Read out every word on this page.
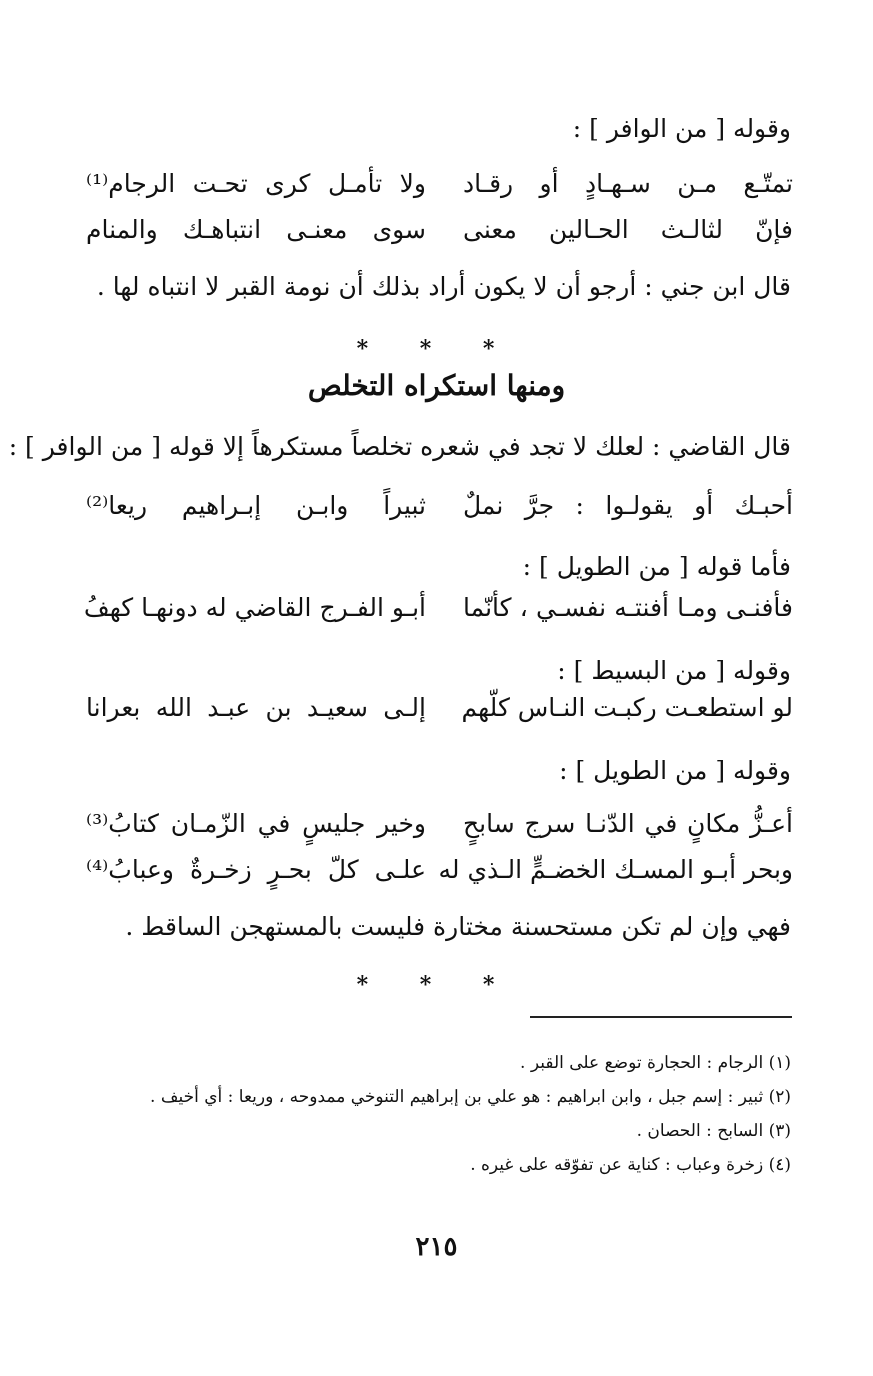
وقوله [ من الوافر ] :
تمتّـع مـن سـهـادٍ أو رقـاد
ولا تأمـل كرى تحـت الرجام⁽¹⁾
فإنّ لثالـث الحـالين معنى
سوى معنـى انتباهـك والمنام
قال ابن جني : أرجو أن لا يكون أراد بذلك أن نومة القبر لا انتباه لها .
* * *
ومنها استكراه التخلص
قال القاضي : لعلك لا تجد في شعره تخلصاً مستكرهاً إلا قوله [ من الوافر ] :
أحبـك أو يقولـوا : جرَّ نملٌ
ثبيراً وابـن إبـراهيم ريعا⁽²⁾
فأما قوله [ من الطويل ] :
فأفنـى ومـا أفنتـه نفسـي ، كأنّما
أبـو الفـرج القاضي له دونهـا كهفُ
وقوله [ من البسيط ] :
لو استطعـت ركبـت النـاس كلّهم
إلـى سعيـد بن عبـد الله بعرانا
وقوله [ من الطويل ] :
أعـزُّ مكانٍ في الدّنـا سرج سابحٍ
وخير جليسٍ في الزّمـان كتابُ⁽³⁾
وبحر أبـو المسـك الخضـمٍّ الـذي له
علـى كلّ بحـرٍ زخـرةٌ وعبابُ⁽⁴⁾
فهي وإن لم تكن مستحسنة مختارة فليست بالمستهجن الساقط .
* * *
(١) الرجام : الحجارة توضع على القبر .
(٢) ثبير : إسم جبل ، وابن ابراهيم : هو علي بن إبراهيم التنوخي ممدوحه ، وريعا : أي أخيف .
(٣) السابح : الحصان .
(٤) زخرة وعباب : كناية عن تفوّقه على غيره .
٢١٥
